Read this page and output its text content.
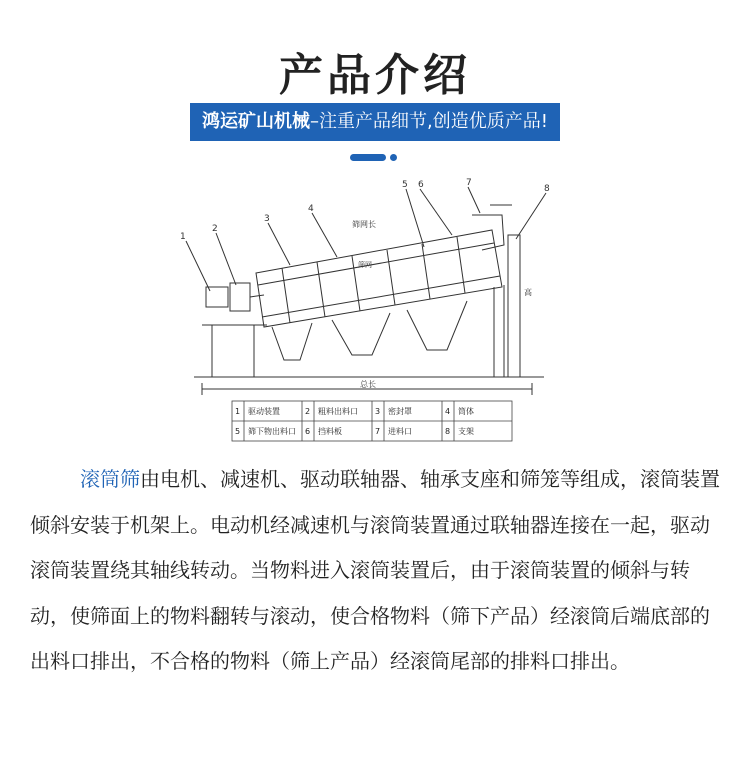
产品介绍
鸿运矿山机械–注重产品细节,创造优质产品!
1
2
3
4
5 6	7
8
筛网长
筛网
总长
高
1 驱动装置	2 粗料出料口 3 密封罩	4 筒体
5 筛下物出料口 6 挡料板	7 进料口	8 支架
滚筒筛由电机、减速机、驱动联轴器、轴承支座和筛笼等组成，滚筒装置倾斜安装于机架上。电动机经减速机与滚筒装置通过联轴器连接在一起，驱动滚筒装置绕其轴线转动。当物料进入滚筒装置后，由于滚筒装置的倾斜与转动，使筛面上的物料翻转与滚动，使合格物料（筛下产品）经滚筒后端底部的出料口排出，不合格的物料（筛上产品）经滚筒尾部的排料口排出。
